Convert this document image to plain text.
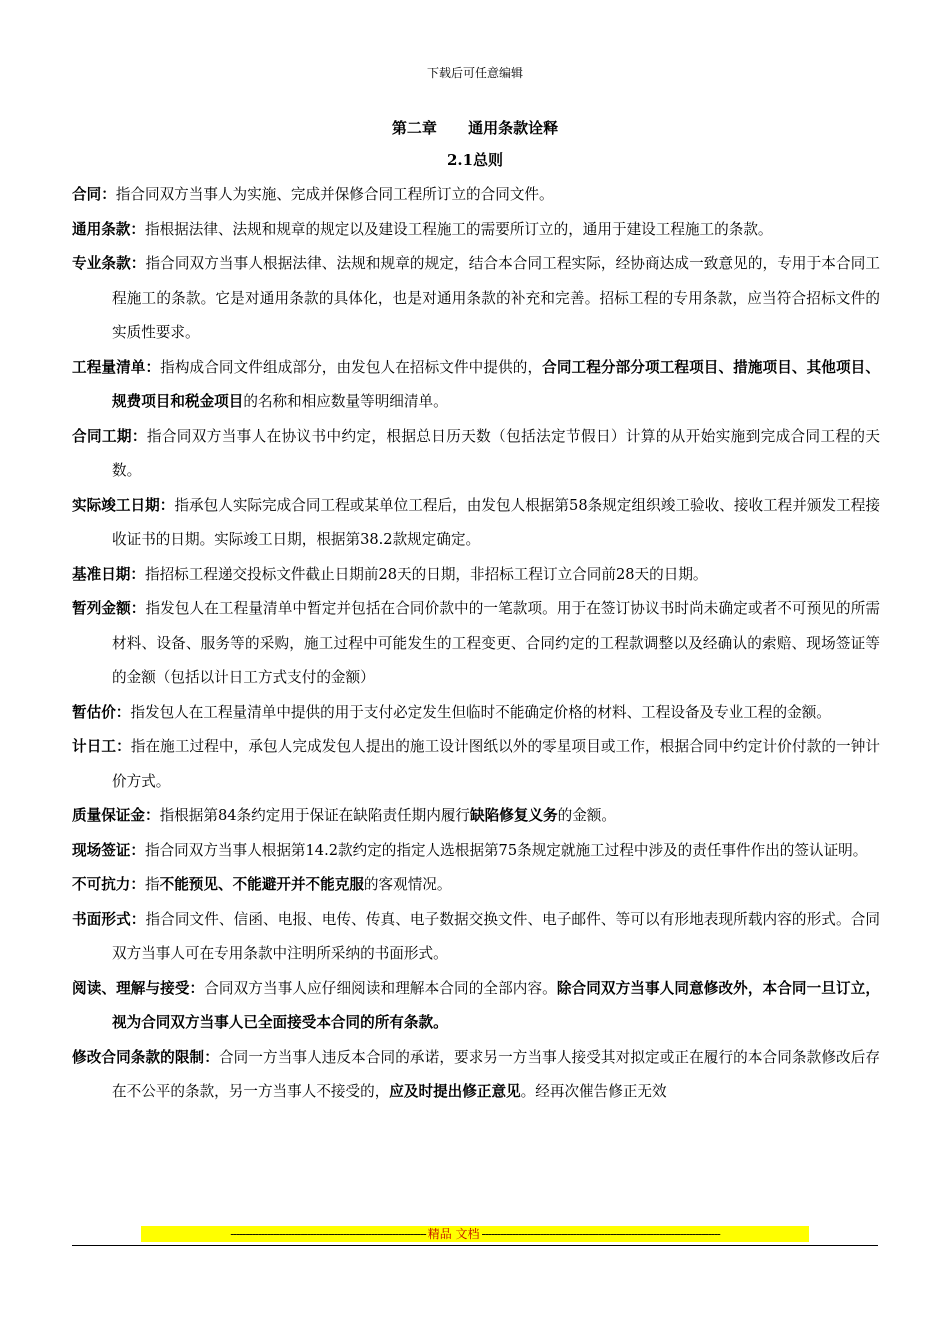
下载后可任意编辑
第二章      通用条款诠释
2.1总则

合同：指合同双方当事人为实施、完成并保修合同工程所订立的合同文件。

通用条款：指根据法律、法规和规章的规定以及建设工程施工的需要所订立的，通用于建设工程施工的条款。

专业条款：指合同双方当事人根据法律、法规和规章的规定，结合本合同工程实际，经协商达成一致意见的，专用于本合同工程施工的条款。它是对通用条款的具体化，也是对通用条款的补充和完善。招标工程的专用条款，应当符合招标文件的实质性要求。

工程量清单：指构成合同文件组成部分，由发包人在招标文件中提供的，合同工程分部分项工程项目、措施项目、其他项目、规费项目和税金项目的名称和相应数量等明细清单。

合同工期：指合同双方当事人在协议书中约定，根据总日历天数（包括法定节假日）计算的从开始实施到完成合同工程的天数。

实际竣工日期：指承包人实际完成合同工程或某单位工程后，由发包人根据第58条规定组织竣工验收、接收工程并颁发工程接收证书的日期。实际竣工日期，根据第38.2款规定确定。

基准日期：指招标工程递交投标文件截止日期前28天的日期，非招标工程订立合同前28天的日期。

暂列金额：指发包人在工程量清单中暂定并包括在合同价款中的一笔款项。用于在签订协议书时尚未确定或者不可预见的所需材料、设备、服务等的采购，施工过程中可能发生的工程变更、合同约定的工程款调整以及经确认的索赔、现场签证等的金额（包括以计日工方式支付的金额）

暂估价：指发包人在工程量清单中提供的用于支付必定发生但临时不能确定价格的材料、工程设备及专业工程的金额。

计日工：指在施工过程中，承包人完成发包人提出的施工设计图纸以外的零星项目或工作，根据合同中约定计价付款的一钟计价方式。

质量保证金：指根据第84条约定用于保证在缺陷责任期内履行缺陷修复义务的金额。

现场签证：指合同双方当事人根据第14.2款约定的指定人选根据第75条规定就施工过程中涉及的责任事件作出的签认证明。

不可抗力：指不能预见、不能避开并不能克服的客观情况。

书面形式：指合同文件、信函、电报、电传、传真、电子数据交换文件、电子邮件、等可以有形地表现所载内容的形式。合同双方当事人可在专用条款中注明所采纳的书面形式。

阅读、理解与接受：合同双方当事人应仔细阅读和理解本合同的全部内容。除合同双方当事人同意修改外，本合同一旦订立，视为合同双方当事人已全面接受本合同的所有条款。

修改合同条款的限制：合同一方当事人违反本合同的承诺，要求另一方当事人接受其对拟定或正在履行的本合同条款修改后存在不公平的条款，另一方当事人不接受的，应及时提出修正意见。经再次催告修正无效

---------------------------------------------------------------- 精品 文档 ------------------------------------------------------------------------------
